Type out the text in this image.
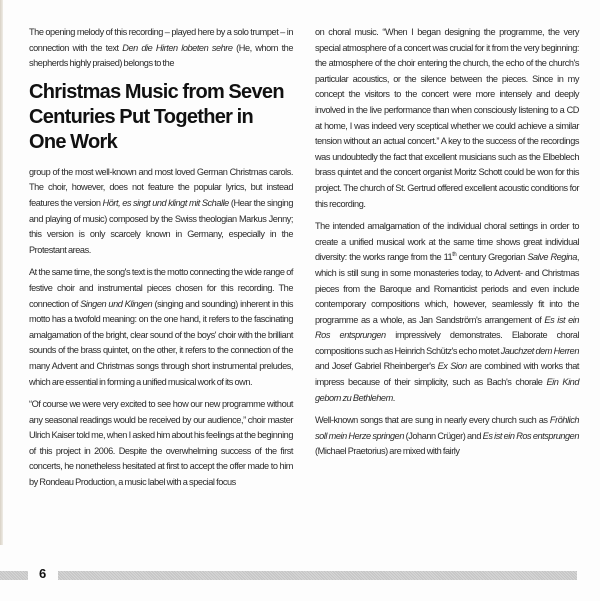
The opening melody of this recording – played here by a solo trumpet – in connection with the text Den die Hirten lobeten sehre (He, whom the shepherds highly praised) belongs to the

Christmas Music from Seven Centuries Put Together in One Work

group of the most well-known and most loved German Christmas carols. The choir, however, does not feature the popular lyrics, but instead features the version Hört, es singt und klingt mit Schalle (Hear the singing and playing of music) composed by the Swiss theologian Markus Jenny; this version is only scarcely known in Germany, especially in the Protestant areas.

At the same time, the song's text is the motto connecting the wide range of festive choir and instrumental pieces chosen for this recording. The connection of Singen und Klingen (singing and sounding) inherent in this motto has a twofold meaning: on the one hand, it refers to the fascinating amalgamation of the bright, clear sound of the boys' choir with the brilliant sounds of the brass quintet, on the other, it refers to the connection of the many Advent and Christmas songs through short instrumental preludes, which are essential in forming a unified musical work of its own.

“Of course we were very excited to see how our new programme without any seasonal readings would be received by our audience,” choir master Ulrich Kaiser told me, when I asked him about his feelings at the beginning of this project in 2006. Despite the overwhelming success of the first concerts, he nonetheless hesitated at first to accept the offer made to him by Rondeau Production, a music label with a special focus

on choral music. “When I began designing the programme, the very special atmosphere of a concert was crucial for it from the very beginning: the atmosphere of the choir entering the church, the echo of the church's particular acoustics, or the silence between the pieces. Since in my concept the visitors to the concert were more intensely and deeply involved in the live performance than when consciously listening to a CD at home, I was indeed very sceptical whether we could achieve a similar tension without an actual concert.” A key to the success of the recordings was undoubtedly the fact that excellent musicians such as the Elbeblech brass quintet and the concert organist Moritz Schott could be won for this project. The church of St. Gertrud offered excellent acoustic conditions for this recording.

The intended amalgamation of the individual choral settings in order to create a unified musical work at the same time shows great individual diversity: the works range from the 11th century Gregorian Salve Regina, which is still sung in some monasteries today, to Advent- and Christmas pieces from the Baroque and Romanticist periods and even include contemporary compositions which, however, seamlessly fit into the programme as a whole, as Jan Sandström's arrangement of Es ist ein Ros entsprungen impressively demonstrates. Elaborate choral compositions such as Heinrich Schütz's echo motet Jauchzet dem Herren and Josef Gabriel Rheinberger's Ex Sion are combined with works that impress because of their simplicity, such as Bach's chorale Ein Kind geborn zu Bethlehem.

Well-known songs that are sung in nearly every church such as Fröhlich soll mein Herze springen (Johann Crüger) and Es ist ein Ros entsprungen (Michael Praetorius) are mixed with fairly

6
